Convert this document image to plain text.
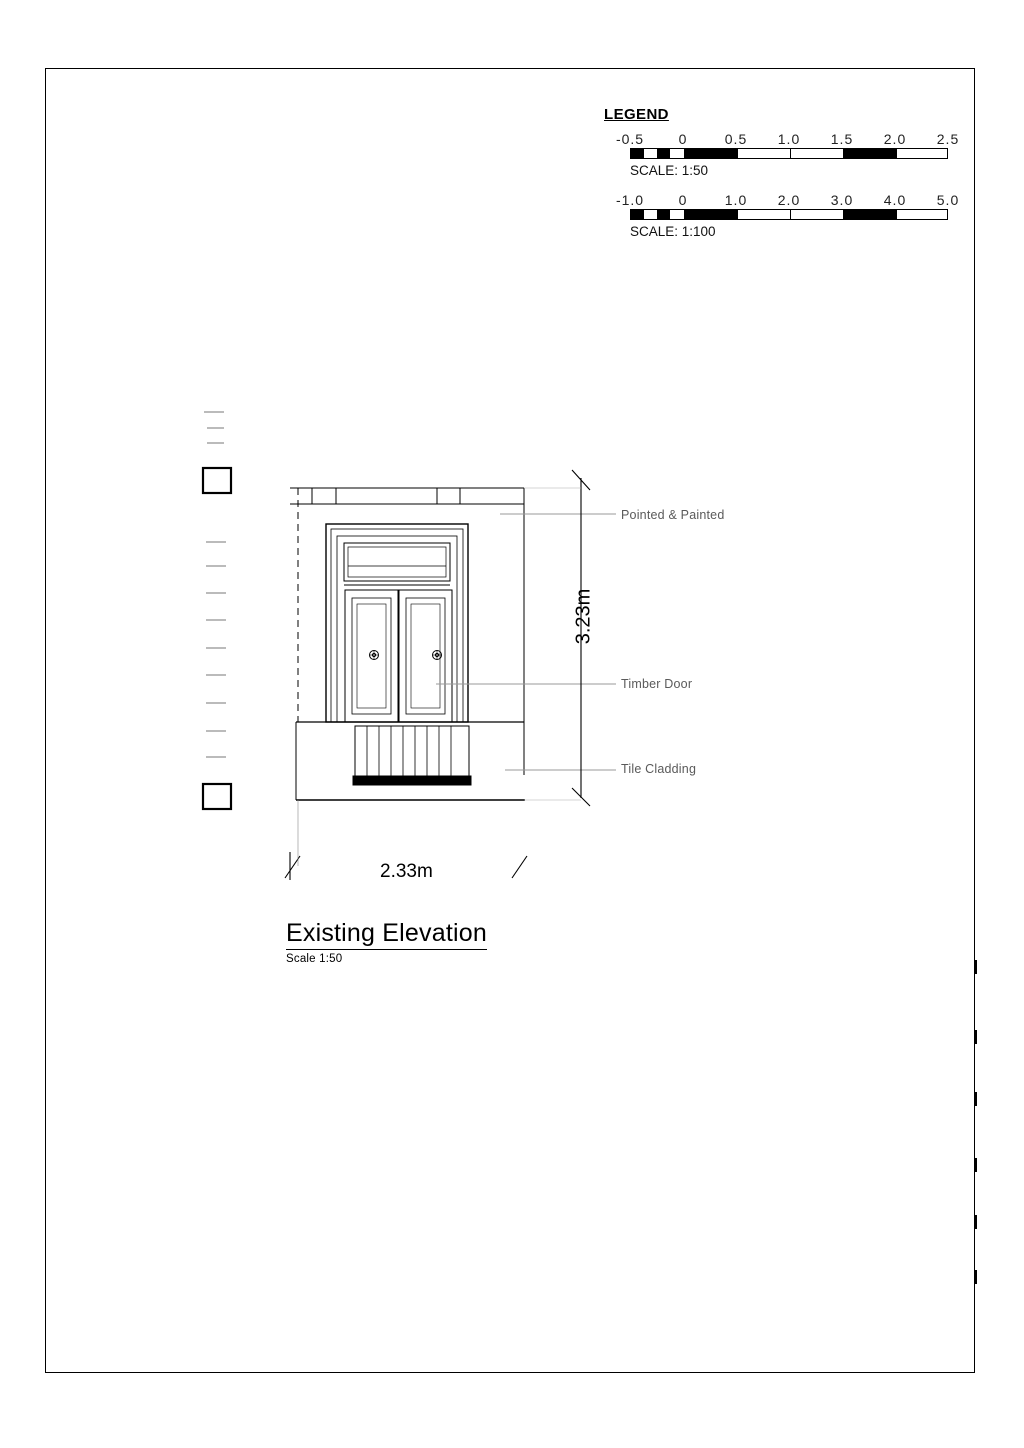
LEGEND
-0.5 0	0.5 1.0 1.5 2.0 2.5
SCALE: 1:50
-1.0 0	1.0 2.0 3.0 4.0 5.0
SCALE: 1:100
Pointed & Painted
Timber Door
Tile Cladding
3.23m
2.33m
Existing Elevation
Scale 1:50
